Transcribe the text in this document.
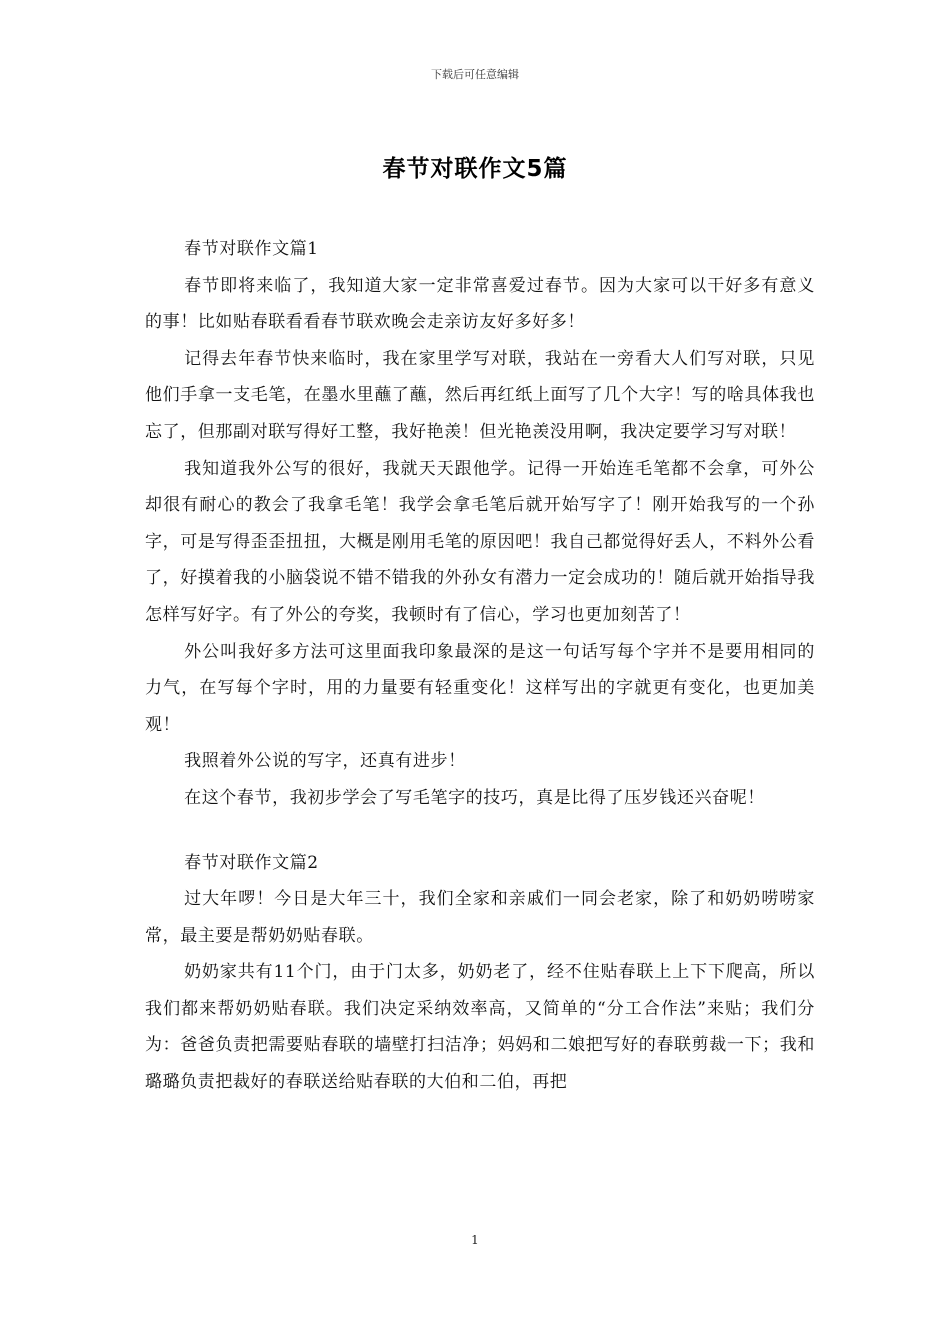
下载后可任意编辑
春节对联作文5篇

春节对联作文篇1

春节即将来临了，我知道大家一定非常喜爱过春节。因为大家可以干好多有意义的事！比如贴春联看看春节联欢晚会走亲访友好多好多！

记得去年春节快来临时，我在家里学写对联，我站在一旁看大人们写对联，只见他们手拿一支毛笔，在墨水里蘸了蘸，然后再红纸上面写了几个大字！写的啥具体我也忘了，但那副对联写得好工整，我好艳羡！但光艳羡没用啊，我决定要学习写对联！

我知道我外公写的很好，我就天天跟他学。记得一开始连毛笔都不会拿，可外公却很有耐心的教会了我拿毛笔！我学会拿毛笔后就开始写字了！刚开始我写的一个孙字，可是写得歪歪扭扭，大概是刚用毛笔的原因吧！我自己都觉得好丢人，不料外公看了，好摸着我的小脑袋说不错不错我的外孙女有潜力一定会成功的！随后就开始指导我怎样写好字。有了外公的夸奖，我顿时有了信心，学习也更加刻苦了！

外公叫我好多方法可这里面我印象最深的是这一句话写每个字并不是要用相同的力气，在写每个字时，用的力量要有轻重变化！这样写出的字就更有变化，也更加美观！

我照着外公说的写字，还真有进步！

在这个春节，我初步学会了写毛笔字的技巧，真是比得了压岁钱还兴奋呢！

春节对联作文篇2

过大年啰！今日是大年三十，我们全家和亲戚们一同会老家，除了和奶奶唠唠家常，最主要是帮奶奶贴春联。

奶奶家共有11个门，由于门太多，奶奶老了，经不住贴春联上上下下爬高，所以我们都来帮奶奶贴春联。我们决定采纳效率高，又简单的“分工合作法”来贴；我们分为：爸爸负责把需要贴春联的墙壁打扫洁净；妈妈和二娘把写好的春联剪裁一下；我和璐璐负责把裁好的春联送给贴春联的大伯和二伯，再把

1
